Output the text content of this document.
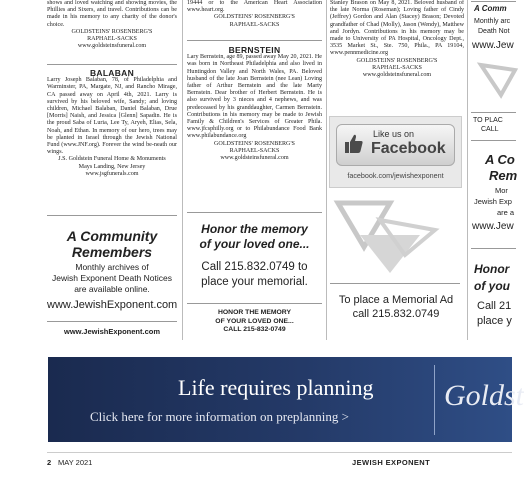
shows and loved watching and showing movies, the Phillies and Sixers, and travel. Contributions can be made in his memory to any charity of the donor's choice.
GOLDSTEINS' ROSENBERG'S
RAPHAEL-SACKS
www.goldsteinsfuneral.com
BALABAN
Larry Joseph Balaban, 78, of Philadelphia and Warminster, PA, Margate, NJ, and Rancho Mirage, CA passed away on April 4th, 2021. Larry is survived by his beloved wife, Sandy; and loving children, Michael Balaban, Daniel Balaban, Drue [Morris] Naish, and Jessica [Glenn] Sapadin. He is the proud Saba of Luria, Lee Ty, Aryeh, Elias, Sela, Noah, and Ethan. In memory of our hero, trees may be planted in Israel through the Jewish National Fund (www.JNF.org). Forever the wind be-neath our wings.
J.S. Goldstein Funeral Home & Monuments
Mays Landing, New Jersey
www.jsgfunerals.com
A Community
Remembers
Monthly archives of
Jewish Exponent Death Notices
are available online.
www.JewishExponent.com
www.JewishExponent.com
19444 or to the American Heart Association www.heart.org.
GOLDSTEINS' ROSENBERG'S
RAPHAEL-SACKS
BERNSTEIN
Lary Bernstein, age 89, passed away May 20, 2021. He was born in Northeast Philadelphia and also lived in Huntingdon Valley and North Wales, PA. Beloved husband of the late Joan Bernstein (nee Lean) Loving father of Arthur Bernstein and the late Marty Bernstein. Dear brother of Herbert Bernstein. He is also survived by 3 nieces and 4 nephews, and was predeceased by his granddaughter, Carmen Bernstein. Contributions in his memory may be made to Jewish Family & Children's Services of Greater Phila. www.jfcsphilly.org or to Philabundance Food Bank www.philabundance.org
GOLDSTEINS' ROSENBERG'S
RAPHAEL-SACKS
www.goldsteinsfuneral.com
Honor the memory
of your loved one...
Call 215.832.0749 to
place your memorial.
HONOR THE MEMORY
OF YOUR LOVED ONE...
CALL 215-832-0749
Stanley Brason on May 8, 2021. Beloved husband of the late Norma (Roseman); Loving father of Cindy (Jeffrey) Gordon and Alan (Stacey) Brason; Devoted grandfather of Chad (Molly), Jason (Wendy), Matthew and Jordyn. Contributions in his memory may be made to University of PA Hospital, Oncology Dept., 3535 Market St., Ste. 750, Phila., PA 19104, www.pennmedicine.org
GOLDSTEINS' ROSENBERG'S
RAPHAEL-SACKS
www.goldsteinsfuneral.com
Like us on
Facebook
facebook.com/jewishexponent
To place a Memorial Ad
call 215.832.0749
A Comm
Monthly arc
Death Not
www.Jew
TO PLAC
CALL
A Co
Rem
Mor
Jewish Exp
are a
www.Jew
Honor
of you
Call 21
place y
Life requires planning
Click here for more information on preplanning >
Goldst
2 MAY 2021	JEWISH EXPONENT
